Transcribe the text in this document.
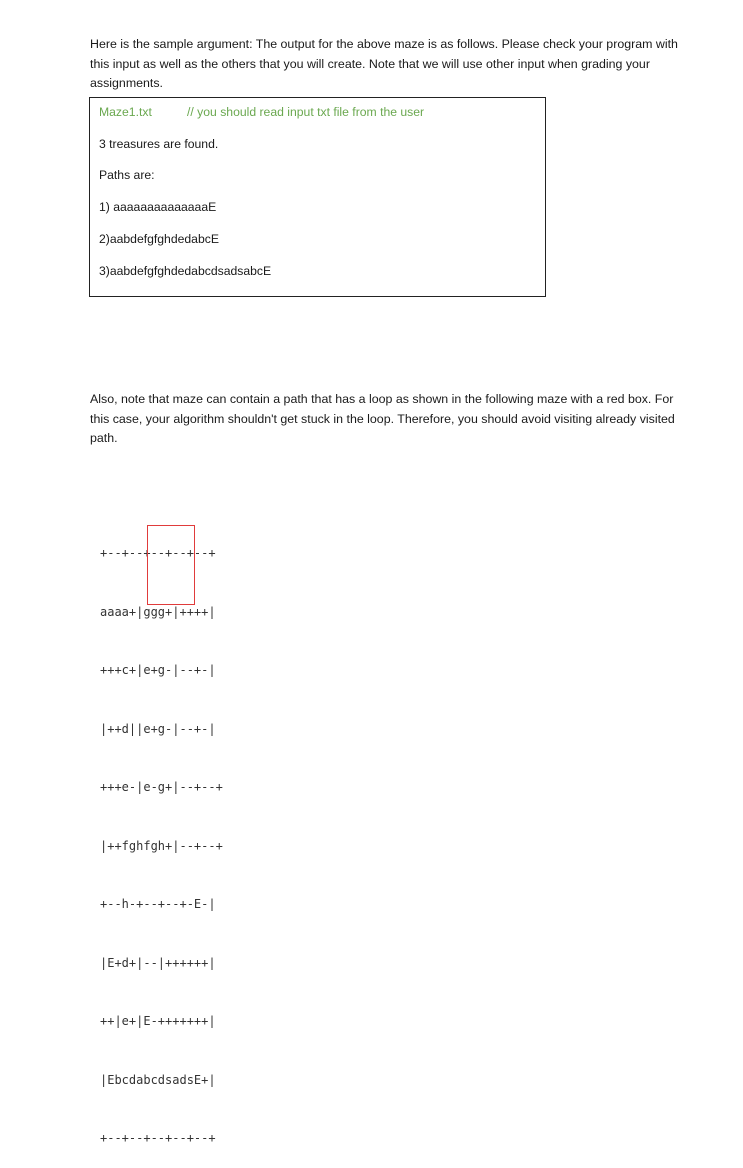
Here is the sample argument: The output for the above maze is as follows. Please check your program with this input as well as the others that you will create. Note that we will use other input when grading your assignments.

Maze1.txt	// you should read input txt file from the user
3 treasures are found.
Paths are:
1) aaaaaaaaaaaaaaE
2)aabdefgfghdedabcE
3)aabdefgfghdedabcdsadsabcE

Also, note that maze can contain a path that has a loop as shown in the following maze with a red box. For this case, your algorithm shouldn't get stuck in the loop. Therefore, you should avoid visiting already visited path.

+--+--+--+--+--+

aaaa+|ggg+|++++|

+++c+|e+g-|--+-|

|++d||e+g-|--+-|

+++e-|e-g+|--+--+

|++fghfgh+|--+--+

+--h-+--+--+-E-|

|E+d+|--|++++++|

++|e+|E-+++++++|

|EbcdabcdsadsE+|

+--+--+--+--+--+
